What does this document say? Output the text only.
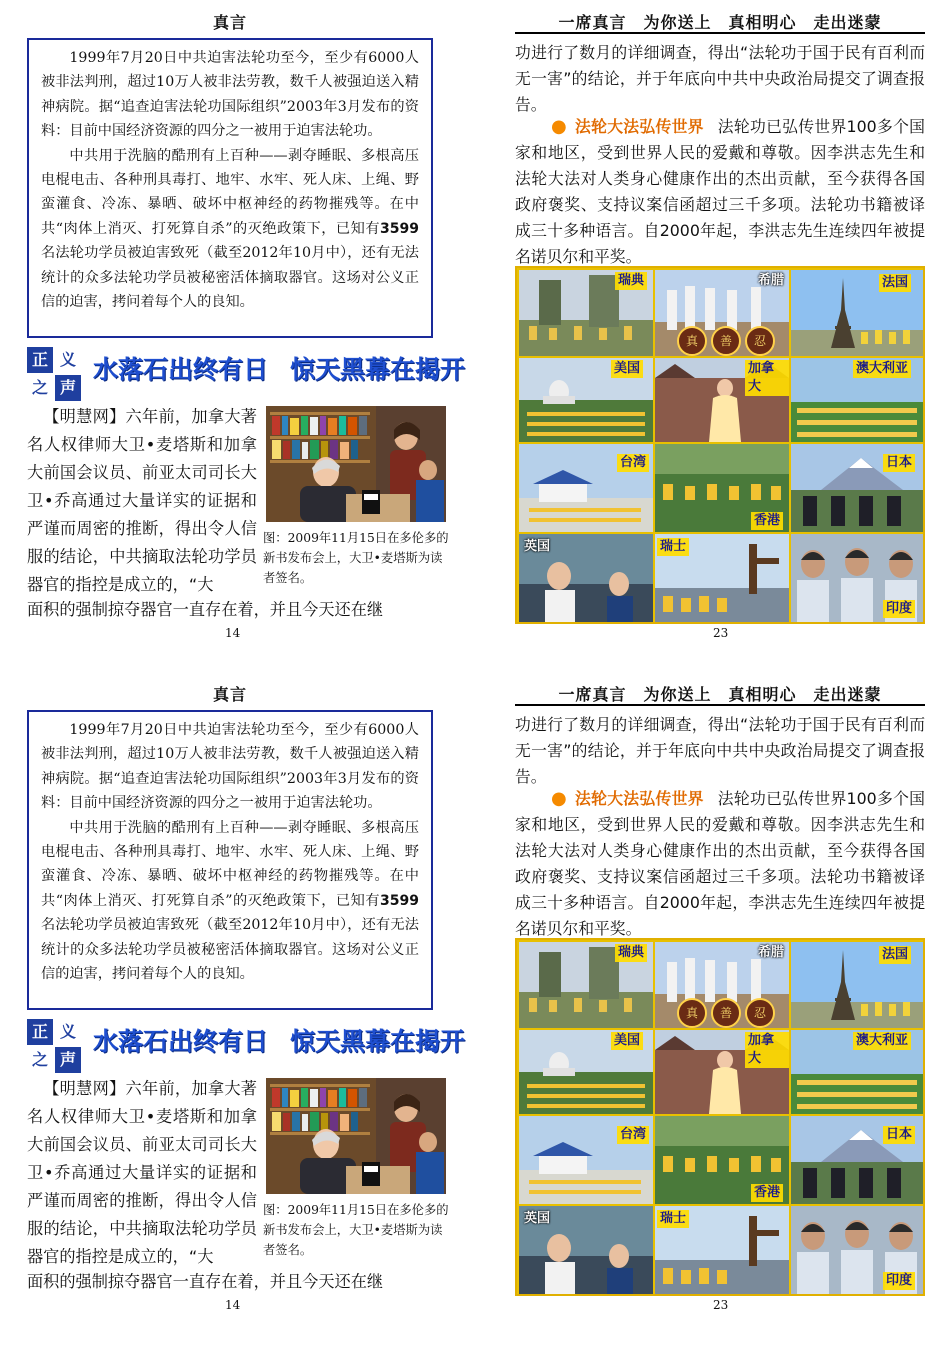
真言

1999年7月20日中共迫害法轮功至今，至少有6000人被非法判刑，超过10万人被非法劳教，数千人被强迫送入精神病院。据“追查迫害法轮功国际组织”2003年3月发布的资料：目前中国经济资源的四分之一被用于迫害法轮功。

中共用于洗脑的酷刑有上百种——剥夺睡眠、多根高压电棍电击、各种刑具毒打、地牢、水牢、死人床、上绳、野蛮灌食、冷冻、暴晒、破坏中枢神经的药物摧残等。在中共“肉体上消灭、打死算自杀”的灭绝政策下，已知有3599名法轮功学员被迫害致死（截至2012年10月中），还有无法统计的众多法轮功学员被秘密活体摘取器官。这场对公义正信的迫害，拷问着每个人的良知。

正 义
之 声
水落石出终有日 惊天黑幕在揭开

【明慧网】六年前，加拿大著名人权律师大卫•麦塔斯和加拿大前国会议员、前亚太司司长大卫•乔高通过大量详实的证据和严谨而周密的推断，得出令人信服的结论，中共摘取法轮功学员器官的指控是成立的，“大

图：2009年11月15日在多伦多的新书发布会上，大卫•麦塔斯为读者签名。
面积的强制掠夺器官一直存在着，并且今天还在继
14
一席真言　为你送上　真相明心　走出迷蒙

功进行了数月的详细调查，得出“法轮功于国于民有百利而无一害”的结论，并于年底向中共中央政治局提交了调查报告。

● 法轮大法弘传世界 法轮功已弘传世界100多个国家和地区，受到世界人民的爱戴和尊敬。因李洪志先生和法轮大法对人类身心健康作出的杰出贡献，至今获得各国政府褒奖、支持议案信函超过三千多项。法轮功书籍被译成三十多种语言。自2000年起，李洪志先生连续四年被提名诺贝尔和平奖。

瑞典
真	善	忍
希腊	法国
美国	加拿大
澳大利亚
台湾
香港
日本
英国	瑞士
印度
23
真言

1999年7月20日中共迫害法轮功至今，至少有6000人被非法判刑，超过10万人被非法劳教，数千人被强迫送入精神病院。据“追查迫害法轮功国际组织”2003年3月发布的资料：目前中国经济资源的四分之一被用于迫害法轮功。

中共用于洗脑的酷刑有上百种——剥夺睡眠、多根高压电棍电击、各种刑具毒打、地牢、水牢、死人床、上绳、野蛮灌食、冷冻、暴晒、破坏中枢神经的药物摧残等。在中共“肉体上消灭、打死算自杀”的灭绝政策下，已知有3599名法轮功学员被迫害致死（截至2012年10月中），还有无法统计的众多法轮功学员被秘密活体摘取器官。这场对公义正信的迫害，拷问着每个人的良知。

正 义
之 声
水落石出终有日 惊天黑幕在揭开

【明慧网】六年前，加拿大著名人权律师大卫•麦塔斯和加拿大前国会议员、前亚太司司长大卫•乔高通过大量详实的证据和严谨而周密的推断，得出令人信服的结论，中共摘取法轮功学员器官的指控是成立的，“大

图：2009年11月15日在多伦多的新书发布会上，大卫•麦塔斯为读者签名。
面积的强制掠夺器官一直存在着，并且今天还在继
14
一席真言　为你送上　真相明心　走出迷蒙

功进行了数月的详细调查，得出“法轮功于国于民有百利而无一害”的结论，并于年底向中共中央政治局提交了调查报告。

● 法轮大法弘传世界 法轮功已弘传世界100多个国家和地区，受到世界人民的爱戴和尊敬。因李洪志先生和法轮大法对人类身心健康作出的杰出贡献，至今获得各国政府褒奖、支持议案信函超过三千多项。法轮功书籍被译成三十多种语言。自2000年起，李洪志先生连续四年被提名诺贝尔和平奖。

瑞典
真	善	忍
希腊	法国
美国	加拿大
澳大利亚
台湾
香港
日本
英国	瑞士
印度
23
